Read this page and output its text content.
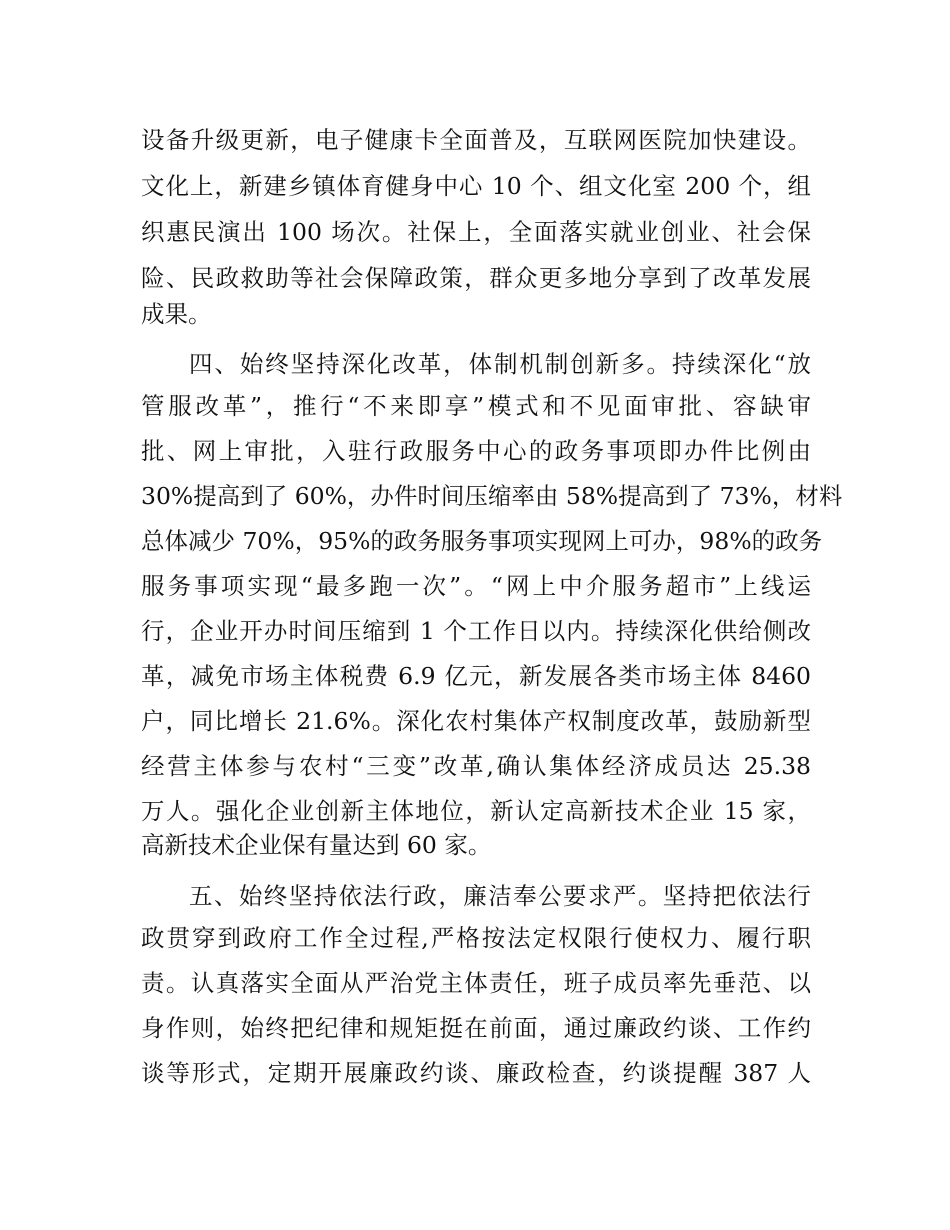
设备升级更新，电子健康卡全面普及，互联网医院加快建设。
文化上，新建乡镇体育健身中心 10 个、组文化室 200 个，组
织惠民演出 100 场次。社保上，全面落实就业创业、社会保
险、民政救助等社会保障政策，群众更多地分享到了改革发展
成果。
四、始终坚持深化改革，体制机制创新多。持续深化“放
管服改革”，推行“不来即享”模式和不见面审批、容缺审
批、网上审批，入驻行政服务中心的政务事项即办件比例由
30%提高到了 60%，办件时间压缩率由 58%提高到了 73%，材料
总体减少 70%，95%的政务服务事项实现网上可办，98%的政务
服务事项实现“最多跑一次”。“网上中介服务超市”上线运
行，企业开办时间压缩到 1 个工作日以内。持续深化供给侧改
革，减免市场主体税费 6.9 亿元，新发展各类市场主体 8460
户，同比增长 21.6%。深化农村集体产权制度改革，鼓励新型
经营主体参与农村“三变”改革,确认集体经济成员达 25.38
万人。强化企业创新主体地位，新认定高新技术企业 15 家，
高新技术企业保有量达到 60 家。
五、始终坚持依法行政，廉洁奉公要求严。坚持把依法行
政贯穿到政府工作全过程,严格按法定权限行使权力、履行职
责。认真落实全面从严治党主体责任，班子成员率先垂范、以
身作则，始终把纪律和规矩挺在前面，通过廉政约谈、工作约
谈等形式，定期开展廉政约谈、廉政检查，约谈提醒 387 人
